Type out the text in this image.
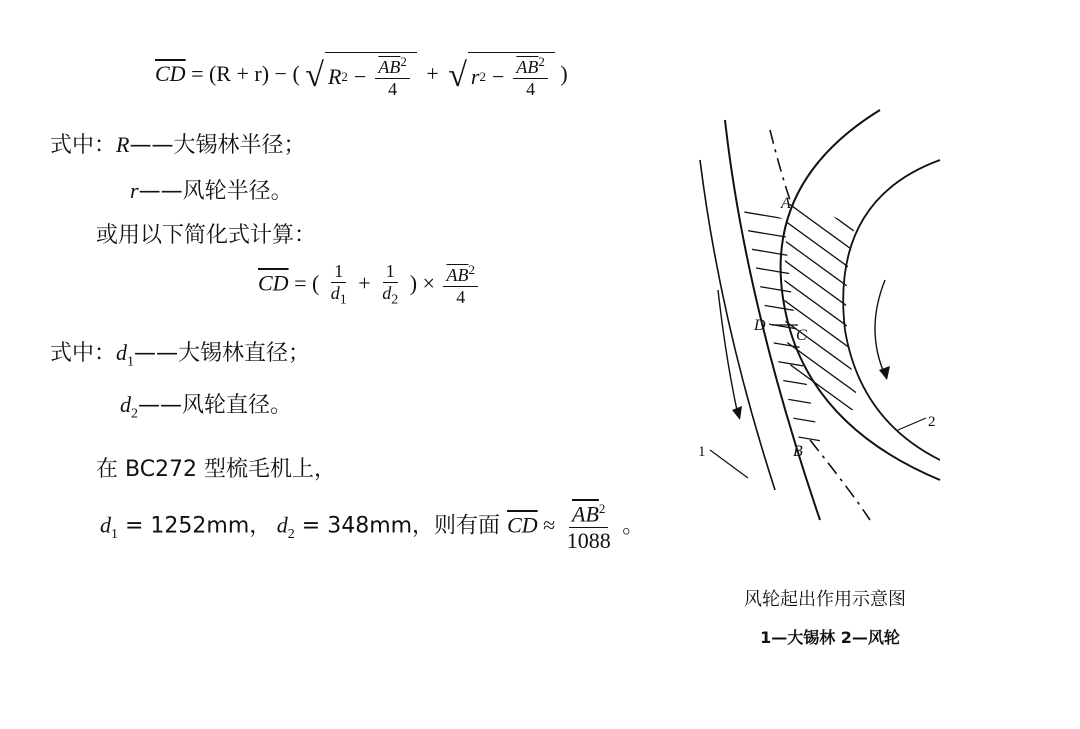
$\overline{CD} = (R + r)$ − ( √ R $2 - \frac{\overline{AB}^2}{4}$ + √ r $2 - \frac{\overline{AB}^2}{4}$ )
式中：R——大锡林半径；
r——风轮半径。
或用以下简化式计算：
$\overline{CD}$ = ( $\frac{1}{d_1} + \frac{1}{d_2}$ ) × $\frac{\overline{AB}^2}{4}$
式中：$d_1——$大锡林直径；
$d_2——$风轮直径。
在 BC272 型梳毛机上，
$d_1 = 1252mm$， $d_2 = 348mm$，则有面 $\overline{CD} \approx \frac{\overline{AB}^2}{1088}$ 。
A
C
D
B
1
2
风轮起出作用示意图
1—大锡林 2—风轮
